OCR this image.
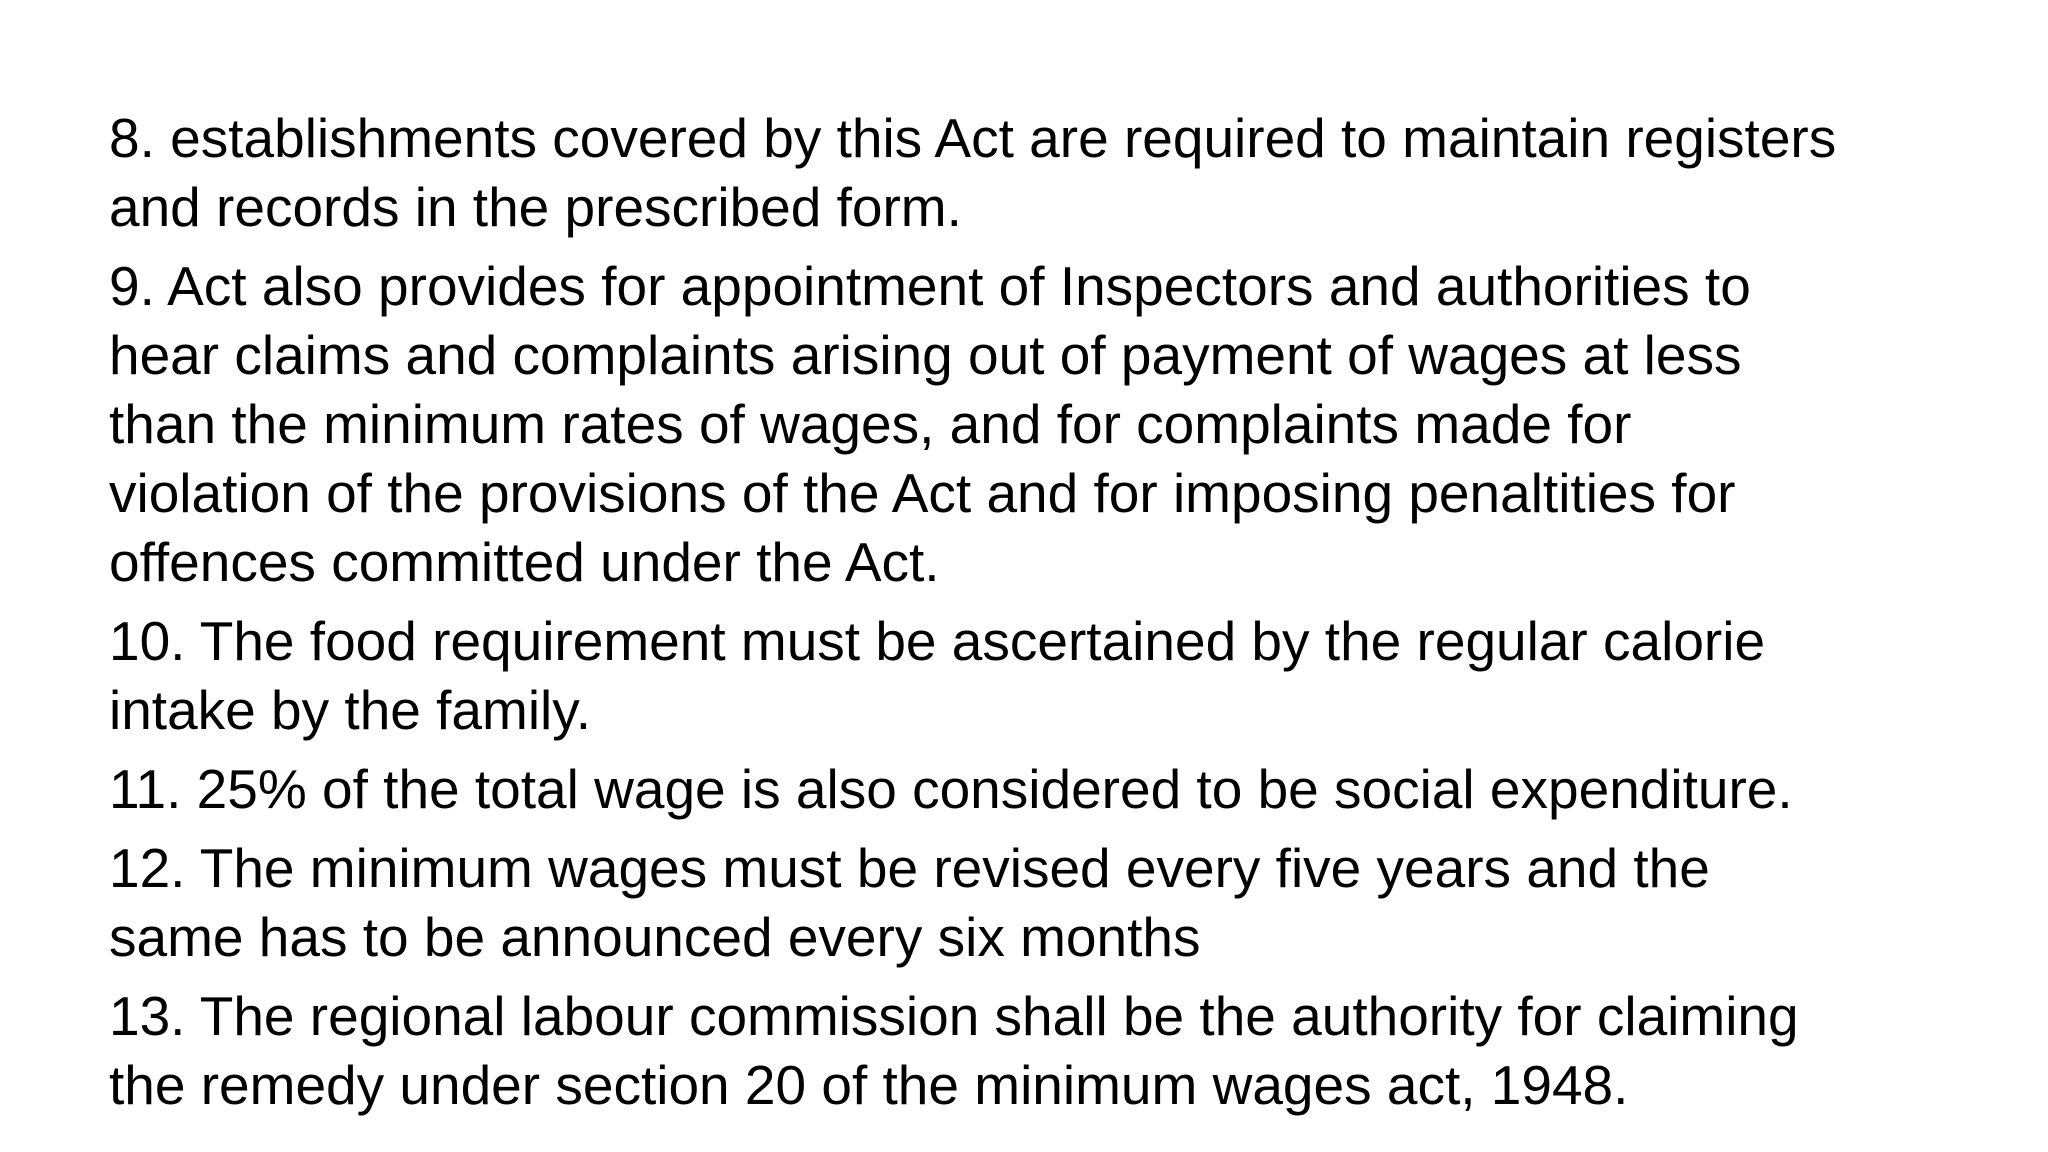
8. establishments covered by this Act are required to maintain registers
and records in the prescribed form.
9. Act also provides for appointment of Inspectors and authorities to
hear claims and complaints arising out of payment of wages at less
than the minimum rates of wages, and for complaints made for
violation of the provisions of the Act and for imposing penaltities for
offences committed under the Act.
10. The food requirement must be ascertained by the regular calorie
intake by the family.
11. 25% of the total wage is also considered to be social expenditure.
12. The minimum wages must be revised every five years and the
same has to be announced every six months
13. The regional labour commission shall be the authority for claiming
the remedy under section 20 of the minimum wages act, 1948.
